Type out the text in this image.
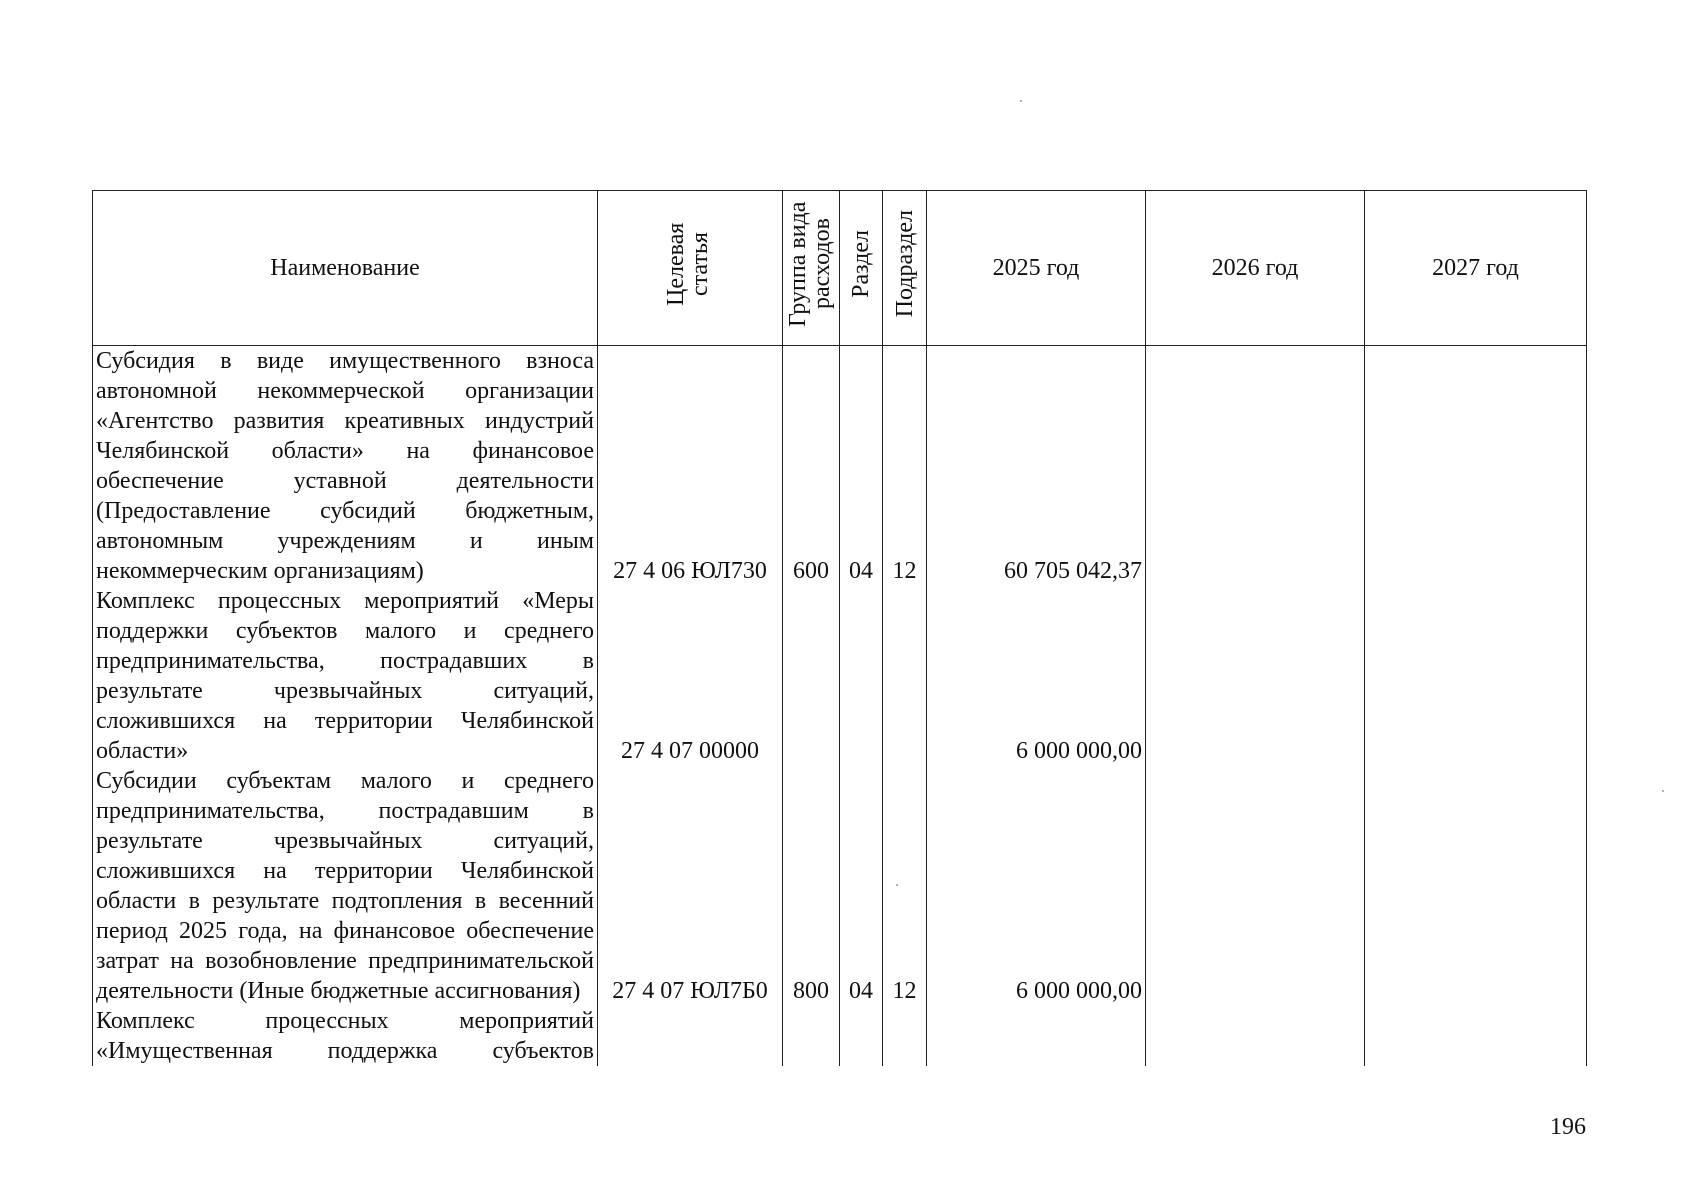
Наименование	Целевая статья	Группа вида расходов	Раздел	Подраздел	2025 год	2026 год	2027 год
Субсидия в виде имущественного взноса автономной некоммерческой организации «Агентство развития креативных индустрий Челябинской области» на финансовое обеспечение уставной деятельности (Предоставление субсидий бюджетным, автономным учреждениям и иным некоммерческим организациям)	27 4 06 ЮЛ730	600	04	12	60 705 042,37		
Комплекс процессных мероприятий «Меры поддержки субъектов малого и среднего предпринимательства, пострадавших в результате чрезвычайных ситуаций, сложившихся на территории Челябинской области»	27 4 07 00000				6 000 000,00		
Субсидии субъектам малого и среднего предпринимательства, пострадавшим в результате чрезвычайных ситуаций, сложившихся на территории Челябинской области в результате подтопления в весенний период 2025 года, на финансовое обеспечение затрат на возобновление предпринимательской деятельности (Иные бюджетные ассигнования)	27 4 07 ЮЛ7Б0	800	04	12	6 000 000,00		
Комплекс процессных мероприятий «Имущественная поддержка субъектов							
196
